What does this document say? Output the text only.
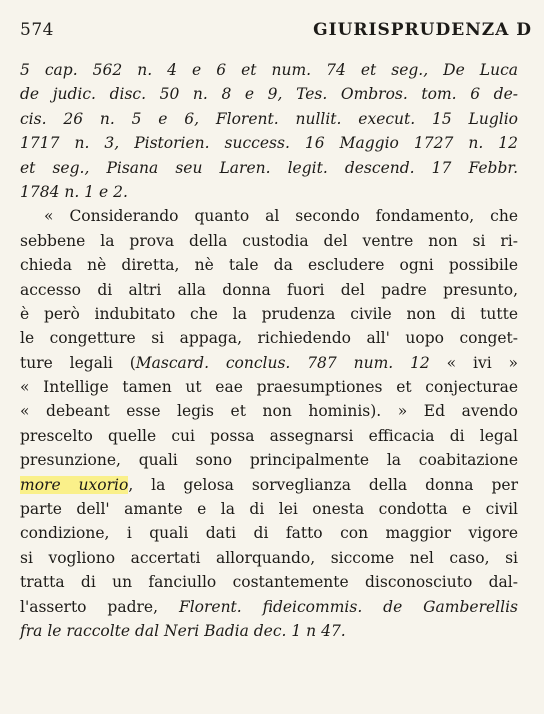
574	GIURISPRUDENZA D
5 cap. 562 n. 4 e 6 et num. 74 et seg., De Luca
de judic. disc. 50 n. 8 e 9, Tes. Ombros. tom. 6 de-
cis. 26 n. 5 e 6, Florent. nullit. execut. 15 Luglio
1717 n. 3, Pistorien. success. 16 Maggio 1727 n. 12
et seg., Pisana seu Laren. legit. descend. 17 Febbr.
1784 n. 1 e 2.
« Considerando quanto al secondo fondamento, che
sebbene la prova della custodia del ventre non si ri-
chieda nè diretta, nè tale da escludere ogni possibile
accesso di altri alla donna fuori del padre presunto,
è però indubitato che la prudenza civile non di tutte
le congetture si appaga, richiedendo all' uopo conget-
ture legali (Mascard. conclus. 787 num. 12 « ivi »
« Intellige tamen ut eae praesumptiones et conjecturae
« debeant esse legis et non hominis). » Ed avendo
prescelto quelle cui possa assegnarsi efficacia di legal
presunzione, quali sono principalmente la coabitazione
more uxorio, la gelosa sorveglianza della donna per
parte dell' amante e la di lei onesta condotta e civil
condizione, i quali dati di fatto con maggior vigore
si vogliono accertati allorquando, siccome nel caso, si
tratta di un fanciullo costantemente disconosciuto dal-
l'asserto padre, Florent. fideicommis. de Gamberellis
fra le raccolte dal Neri Badia dec. 1 n 47.
